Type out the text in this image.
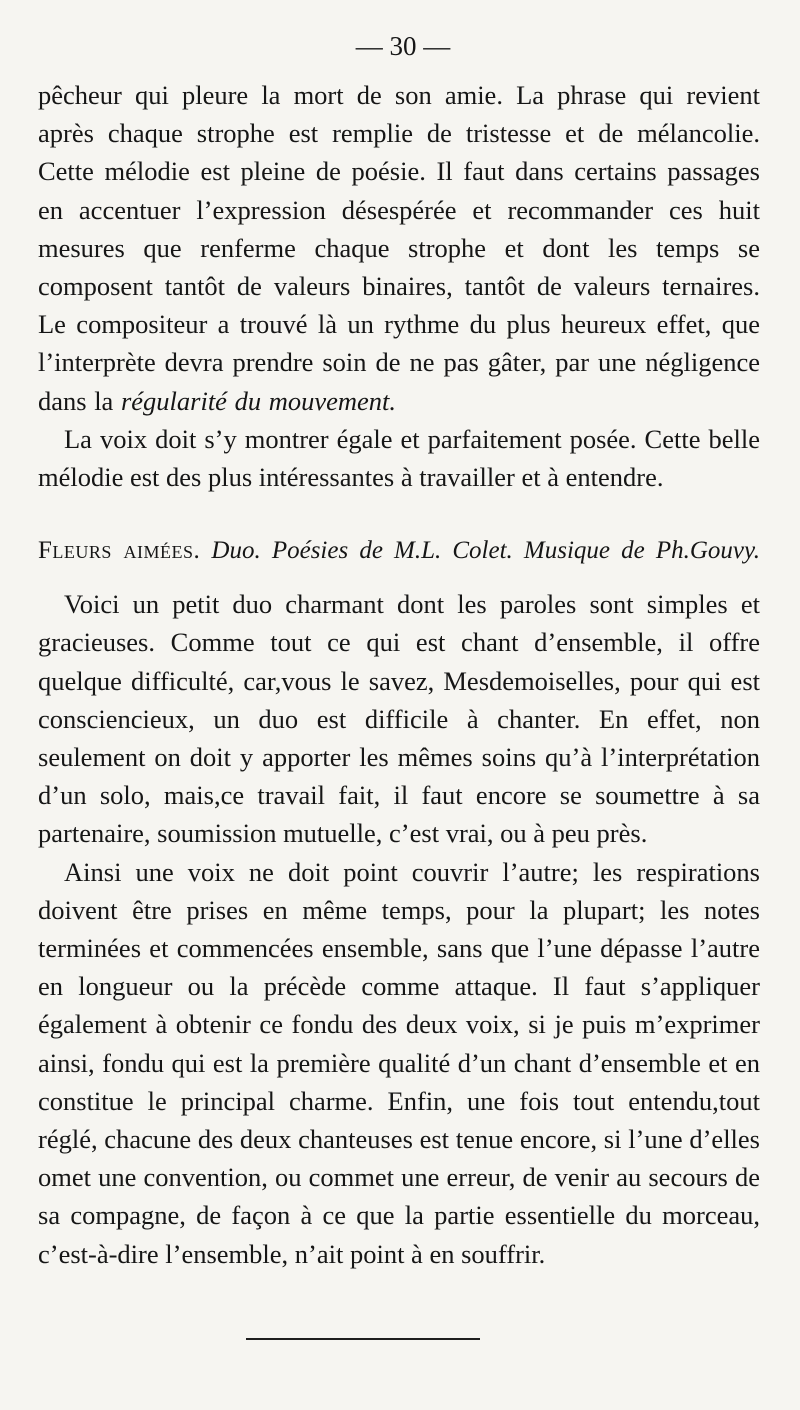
— 30 —

pêcheur qui pleure la mort de son amie. La phrase qui revient après chaque strophe est remplie de tristesse et de mélancolie. Cette mélodie est pleine de poésie. Il faut dans certains passages en accentuer l’expression désespérée et recommander ces huit mesures que renferme chaque strophe et dont les temps se composent tantôt de valeurs binaires, tantôt de valeurs ternaires. Le compositeur a trouvé là un rythme du plus heureux effet, que l’interprète devra prendre soin de ne pas gâter, par une négligence dans la régularité du mouvement.

La voix doit s’y montrer égale et parfaitement posée. Cette belle mélodie est des plus intéressantes à travailler et à entendre.

Fleurs aimées. Duo. Poésies de M.L. Colet. Musique de Ph.Gouvy.

Voici un petit duo charmant dont les paroles sont simples et gracieuses. Comme tout ce qui est chant d’ensemble, il offre quelque difficulté, car,vous le savez, Mesdemoiselles, pour qui est consciencieux, un duo est difficile à chanter. En effet, non seulement on doit y apporter les mêmes soins qu’à l’interprétation d’un solo, mais,ce travail fait, il faut encore se soumettre à sa partenaire, soumission mutuelle, c’est vrai, ou à peu près.

Ainsi une voix ne doit point couvrir l’autre; les respirations doivent être prises en même temps, pour la plupart; les notes terminées et commencées ensemble, sans que l’une dépasse l’autre en longueur ou la précède comme attaque. Il faut s’appliquer également à obtenir ce fondu des deux voix, si je puis m’exprimer ainsi, fondu qui est la première qualité d’un chant d’ensemble et en constitue le principal charme. Enfin, une fois tout entendu,tout réglé, chacune des deux chanteuses est tenue encore, si l’une d’elles omet une convention, ou commet une erreur, de venir au secours de sa compagne, de façon à ce que la partie essentielle du morceau, c’est-à-dire l’ensemble, n’ait point à en souffrir.
